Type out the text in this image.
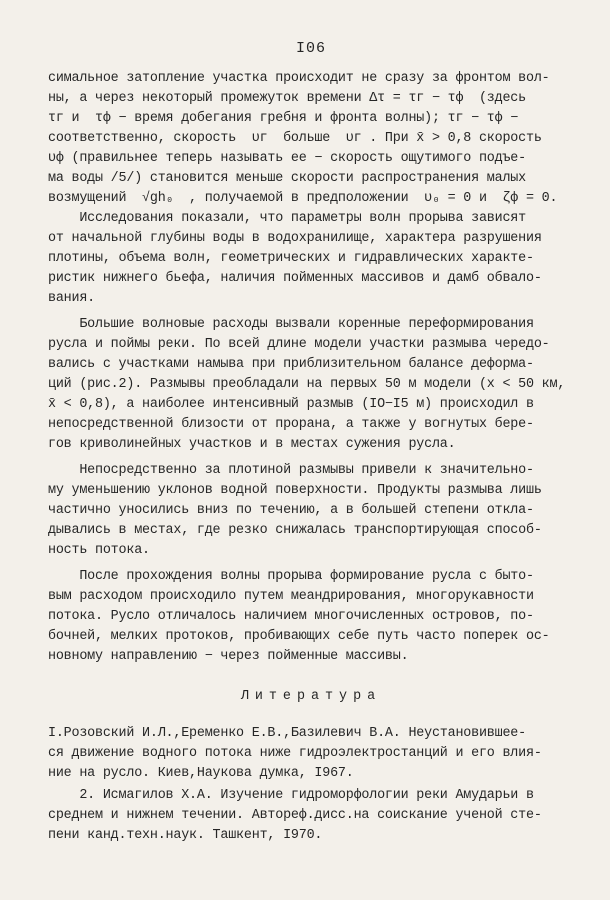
I06

симальное затопление участка происходит не сразу за фронтом вол-

ны, а через некоторый промежуток времени Δτ = τг − τф  (здесь

τг и  τф − время добегания гребня и фронта волны); τг − τф −

соответственно, скорость  υг  больше  υг . При x̄ > 0,8 скорость

υф (правильнее теперь называть ее − скорость ощутимого подъе-

ма воды /5/) становится меньше скорости распространения малых

возмущений  √gh₀  , получаемой в предположении  υ₀ = 0 и  ζф = 0.

Исследования показали, что параметры волн прорыва зависят

от начальной глубины воды в водохранилище, характера разрушения

плотины, объема волн, геометрических и гидравлических характе-

ристик нижнего бьефа, наличия пойменных массивов и дамб обвало-

вания.

Большие волновые расходы вызвали коренные переформирования

русла и поймы реки. По всей длине модели участки размыва чередо-

вались с участками намыва при приблизительном балансе деформа-

ций (рис.2). Размывы преобладали на первых 50 м модели (x < 50 км,

x̄ < 0,8), а наиболее интенсивный размыв (IO−I5 м) происходил в

непосредственной близости от прорана, а также у вогнутых бере-

гов криволинейных участков и в местах сужения русла.

Непосредственно за плотиной размывы привели к значительно-

му уменьшению уклонов водной поверхности. Продукты размыва лишь

частично уносились вниз по течению, а в большей степени отклa-

дывались в местах, где резко снижалась транспортирующая способ-

ность потока.

После прохождения волны прорыва формирование русла с быто-

вым расходом происходило путем меандрирования, многорукавности

потока. Русло отличалось наличием многочисленных островов, по-

бочней, мелких протоков, пробивающих себе путь часто поперек ос-

новному направлению − через пойменные массивы.

Литература

I.Розовский И.Л.,Еременко Е.В.,Базилевич В.А. Неустановившее-

ся движение водного потока ниже гидроэлектростанций и его влия-

ние на русло. Киев,Наукова думка, I967.

2. Исмагилов Х.А. Изучение гидроморфологии реки Амударьи в

среднем и нижнем течении. Автореф.дисс.на соискание ученой сте-

пени канд.техн.наук. Ташкент, I970.
